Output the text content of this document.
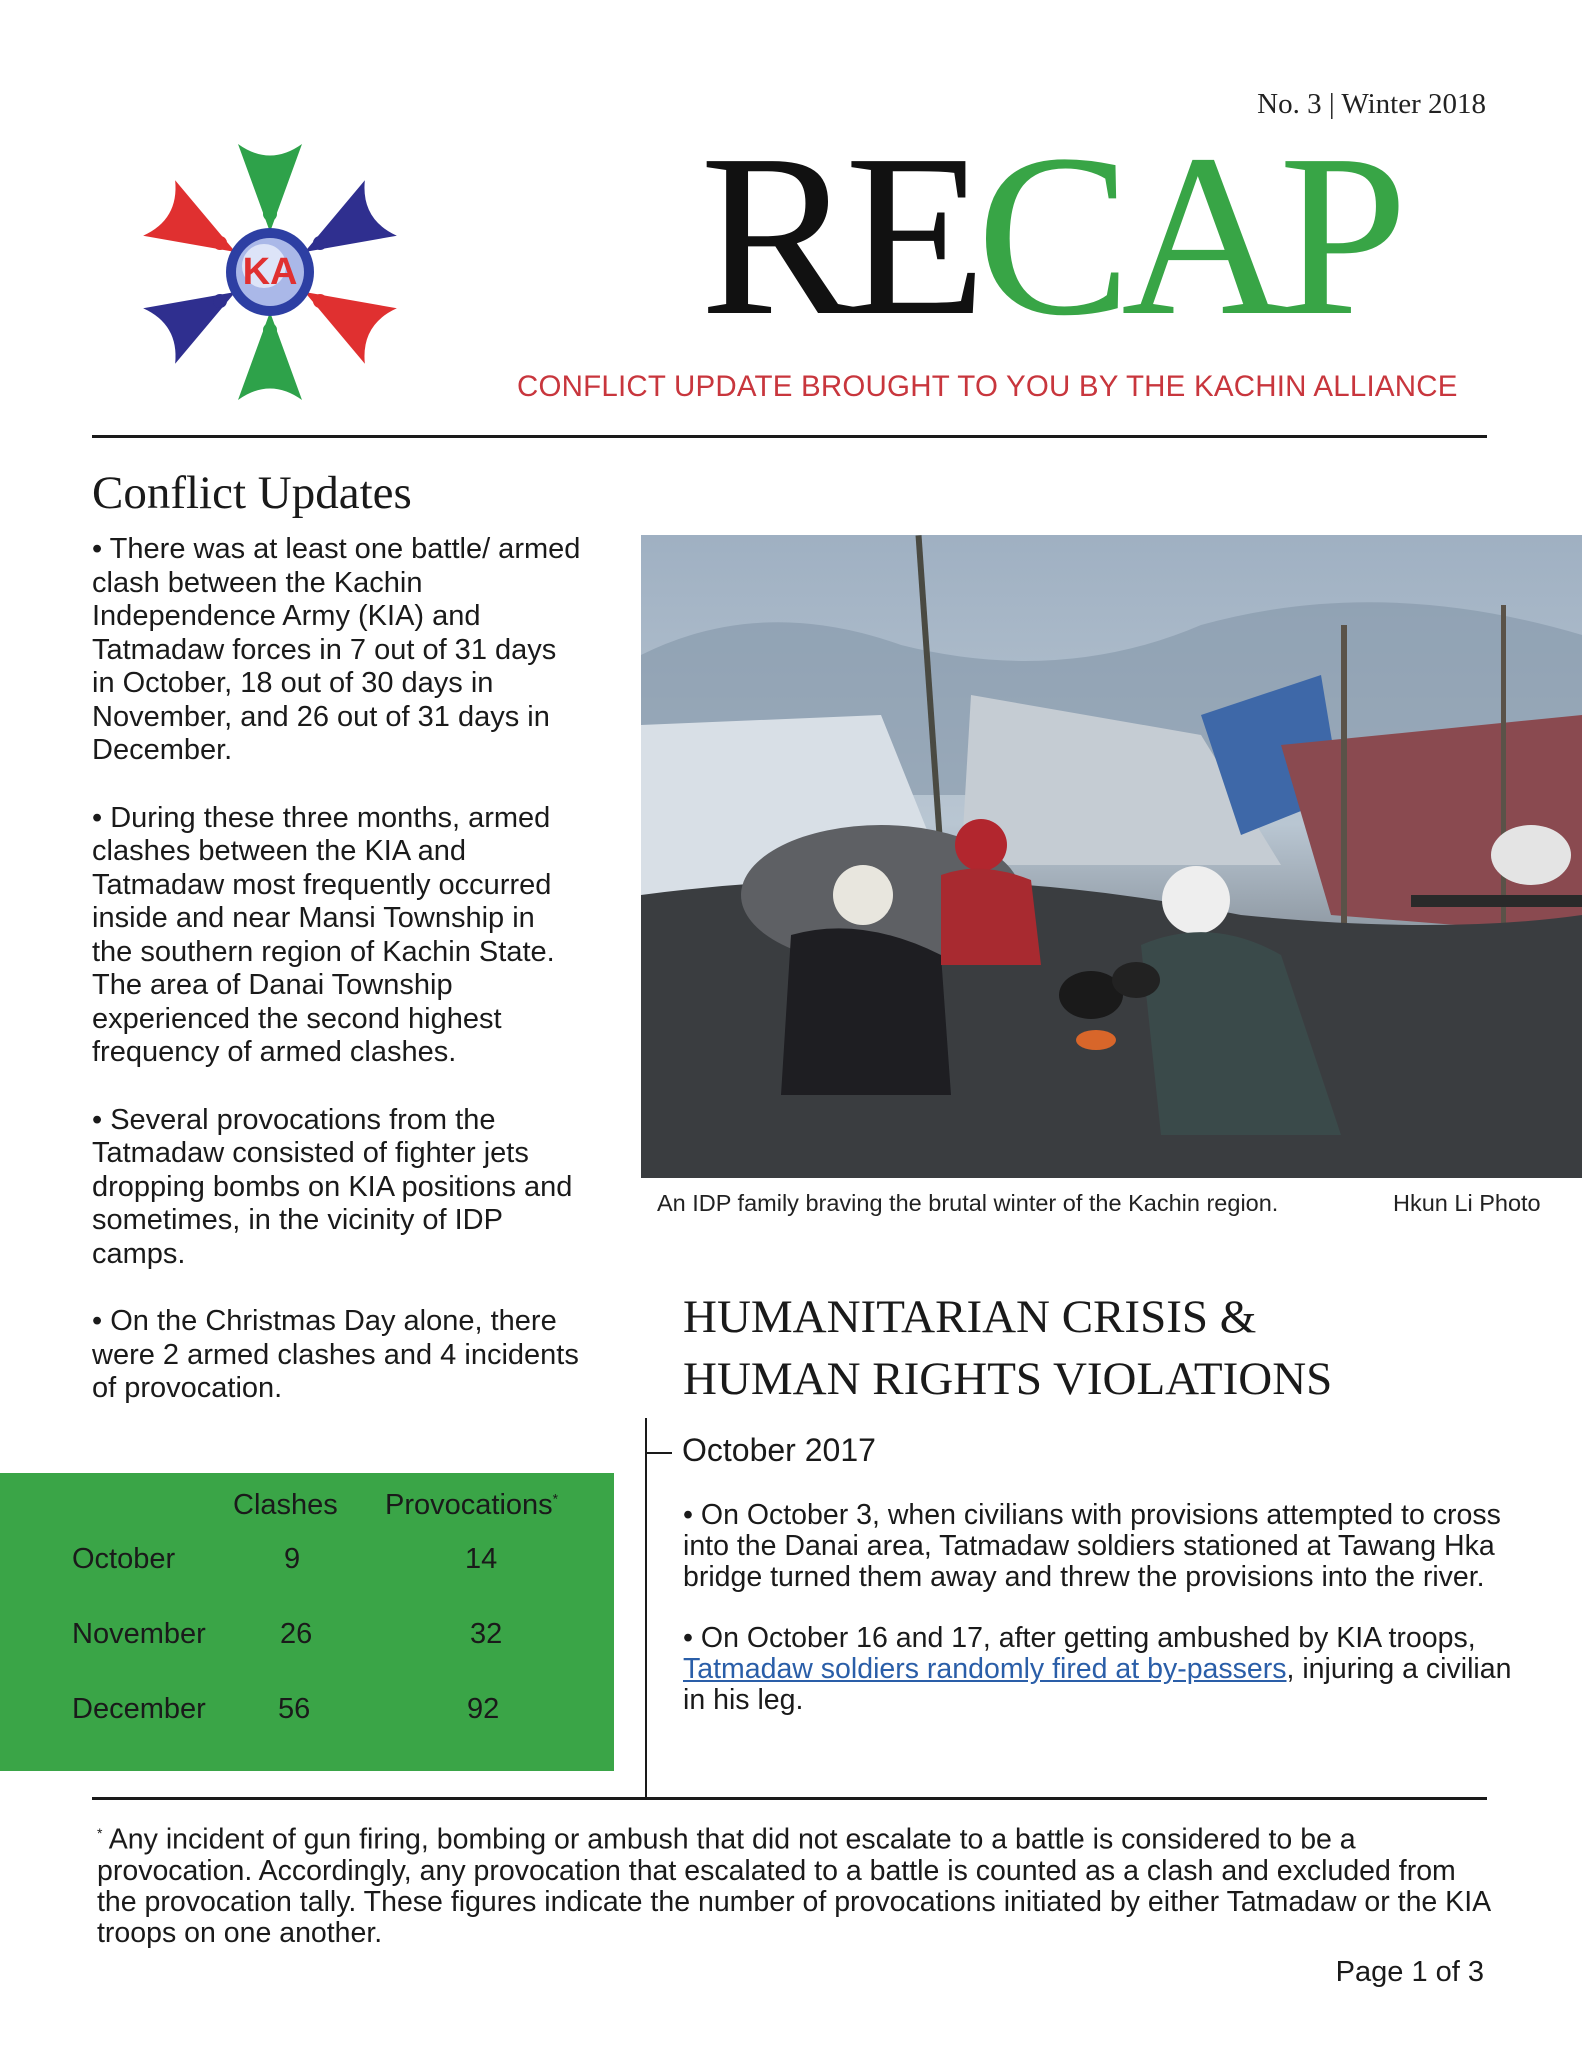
No. 3 | Winter 2018
KA RECAP
CONFLICT UPDATE BROUGHT TO YOU BY THE KACHIN ALLIANCE
Conflict Updates

• There was at least one battle/ armed clash between the Kachin Independence Army (KIA) and Tatmadaw forces in 7 out of 31 days in October, 18 out of 30 days in November, and 26 out of 31 days in December.

• During these three months, armed clashes between the KIA and Tatmadaw most frequently occurred inside and near Mansi Township in the southern region of Kachin State. The area of Danai Township experienced the second highest frequency of armed clashes.

• Several provocations from the Tatmadaw consisted of fighter jets dropping bombs on KIA positions and sometimes, in the vicinity of IDP camps.

• On the Christmas Day alone, there were 2 armed clashes and 4 incidents of provocation.

An IDP family braving the brutal winter of the Kachin region.	Hkun Li Photo
HUMANITARIAN CRISIS &
HUMAN RIGHTS VIOLATIONS
October 2017

• On October 3, when civilians with provisions attempted to cross into the Danai area, Tatmadaw soldiers stationed at Tawang Hka bridge turned them away and threw the provisions into the river.

• On October 16 and 17, after getting ambushed by KIA troops, Tatmadaw soldiers randomly fired at by-passers, injuring a civilian in his leg.

Clashes Provocations*
October	9	14
November	26	32
December 56	92
* Any incident of gun firing, bombing or ambush that did not escalate to a battle is considered to be a provocation. Accordingly, any provocation that escalated to a battle is counted as a clash and excluded from the provocation tally. These figures indicate the number of provocations initiated by either Tatmadaw or the KIA troops on one another.
Page 1 of 3
